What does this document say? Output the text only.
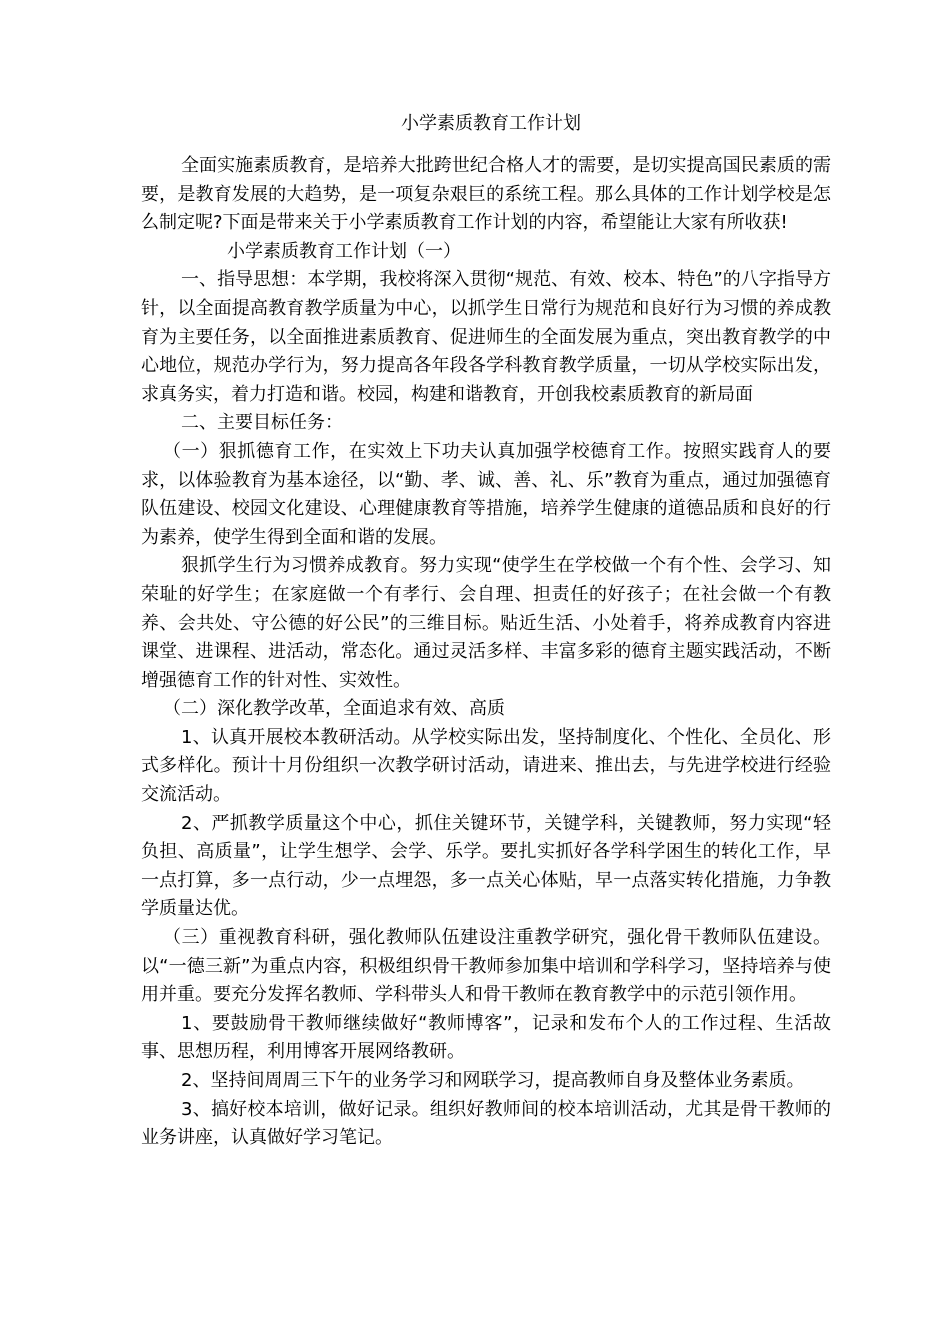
小学素质教育工作计划

全面实施素质教育，是培养大批跨世纪合格人才的需要，是切实提高国民素质的需要，是教育发展的大趋势，是一项复杂艰巨的系统工程。那么具体的工作计划学校是怎么制定呢?下面是带来关于小学素质教育工作计划的内容，希望能让大家有所收获!

小学素质教育工作计划（一）

一、指导思想：本学期，我校将深入贯彻“规范、有效、校本、特色”的八字指导方针，以全面提高教育教学质量为中心，以抓学生日常行为规范和良好行为习惯的养成教育为主要任务，以全面推进素质教育、促进师生的全面发展为重点，突出教育教学的中心地位，规范办学行为，努力提高各年段各学科教育教学质量，一切从学校实际出发，求真务实，着力打造和谐。校园，构建和谐教育，开创我校素质教育的新局面

二、主要目标任务：

（一）狠抓德育工作，在实效上下功夫认真加强学校德育工作。按照实践育人的要求，以体验教育为基本途径，以“勤、孝、诚、善、礼、乐”教育为重点，通过加强德育队伍建设、校园文化建设、心理健康教育等措施，培养学生健康的道德品质和良好的行为素养，使学生得到全面和谐的发展。

狠抓学生行为习惯养成教育。努力实现“使学生在学校做一个有个性、会学习、知荣耻的好学生；在家庭做一个有孝行、会自理、担责任的好孩子；在社会做一个有教养、会共处、守公德的好公民”的三维目标。贴近生活、小处着手，将养成教育内容进课堂、进课程、进活动，常态化。通过灵活多样、丰富多彩的德育主题实践活动，不断增强德育工作的针对性、实效性。

（二）深化教学改革，全面追求有效、高质

1、认真开展校本教研活动。从学校实际出发，坚持制度化、个性化、全员化、形式多样化。预计十月份组织一次教学研讨活动，请进来、推出去，与先进学校进行经验交流活动。

2、严抓教学质量这个中心，抓住关键环节，关键学科，关键教师，努力实现“轻负担、高质量”，让学生想学、会学、乐学。要扎实抓好各学科学困生的转化工作，早一点打算，多一点行动，少一点埋怨，多一点关心体贴，早一点落实转化措施，力争教学质量达优。

（三）重视教育科研，强化教师队伍建设注重教学研究，强化骨干教师队伍建设。以“一德三新”为重点内容，积极组织骨干教师参加集中培训和学科学习，坚持培养与使用并重。要充分发挥名教师、学科带头人和骨干教师在教育教学中的示范引领作用。

1、要鼓励骨干教师继续做好“教师博客”，记录和发布个人的工作过程、生活故事、思想历程，利用博客开展网络教研。

2、坚持间周周三下午的业务学习和网联学习，提高教师自身及整体业务素质。

3、搞好校本培训，做好记录。组织好教师间的校本培训活动，尤其是骨干教师的业务讲座，认真做好学习笔记。
